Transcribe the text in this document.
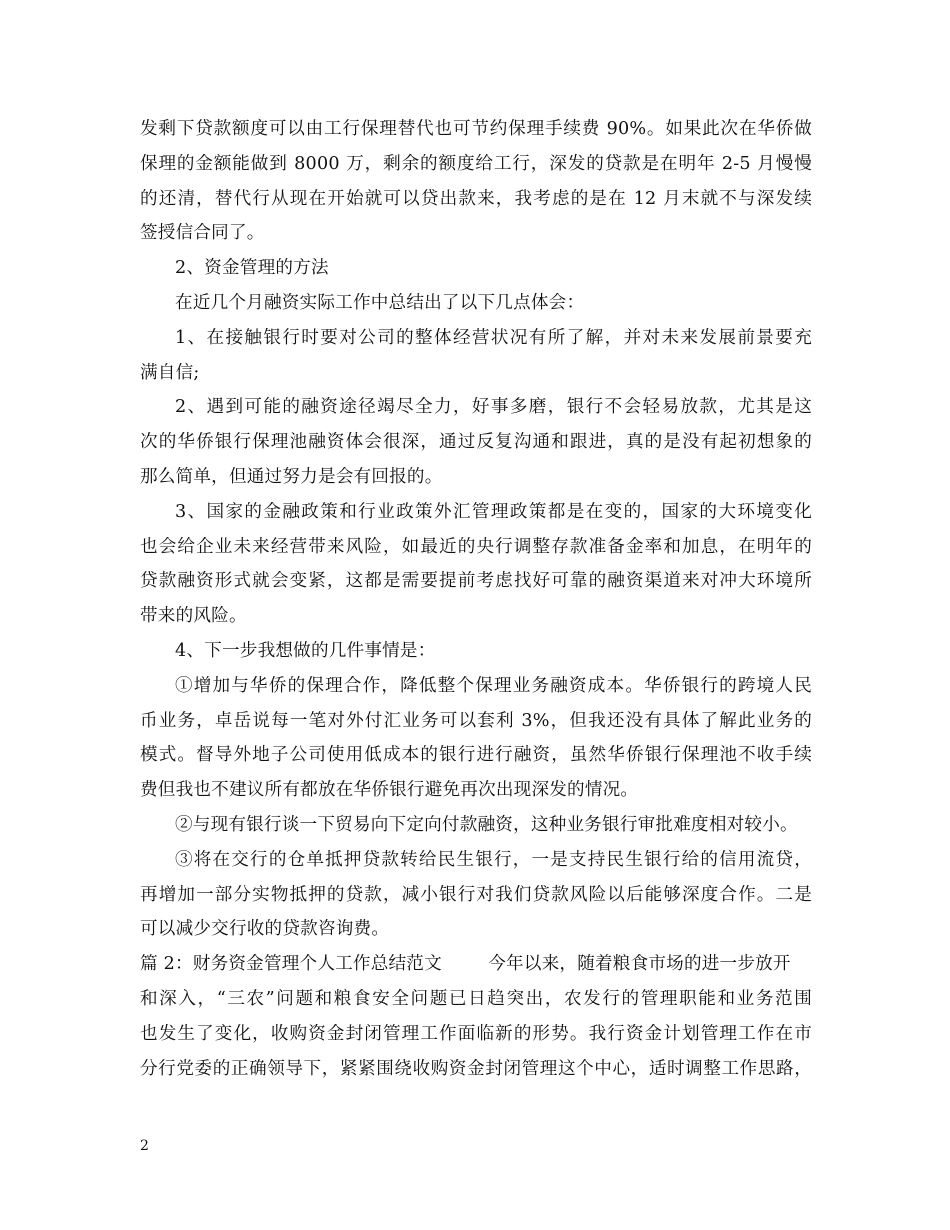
发剩下贷款额度可以由工行保理替代也可节约保理手续费 90%。如果此次在华侨做
保理的金额能做到 8000 万，剩余的额度给工行，深发的贷款是在明年 2-5 月慢慢
的还清，替代行从现在开始就可以贷出款来，我考虑的是在 12 月末就不与深发续
签授信合同了。
2、资金管理的方法
在近几个月融资实际工作中总结出了以下几点体会：
1、在接触银行时要对公司的整体经营状况有所了解，并对未来发展前景要充
满自信;
2、遇到可能的融资途径竭尽全力，好事多磨，银行不会轻易放款，尤其是这
次的华侨银行保理池融资体会很深，通过反复沟通和跟进，真的是没有起初想象的
那么简单，但通过努力是会有回报的。
3、国家的金融政策和行业政策外汇管理政策都是在变的，国家的大环境变化
也会给企业未来经营带来风险，如最近的央行调整存款准备金率和加息，在明年的
贷款融资形式就会变紧，这都是需要提前考虑找好可靠的融资渠道来对冲大环境所
带来的风险。
4、下一步我想做的几件事情是：
①增加与华侨的保理合作，降低整个保理业务融资成本。华侨银行的跨境人民
币业务，卓岳说每一笔对外付汇业务可以套利 3%，但我还没有具体了解此业务的
模式。督导外地子公司使用低成本的银行进行融资，虽然华侨银行保理池不收手续
费但我也不建议所有都放在华侨银行避免再次出现深发的情况。
②与现有银行谈一下贸易向下定向付款融资，这种业务银行审批难度相对较小。
③将在交行的仓单抵押贷款转给民生银行，一是支持民生银行给的信用流贷，
再增加一部分实物抵押的贷款，减小银行对我们贷款风险以后能够深度合作。二是
可以减少交行收的贷款咨询费。
篇 2：财务资金管理个人工作总结范文        今年以来，随着粮食市场的进一步放开
和深入，“三农”问题和粮食安全问题已日趋突出，农发行的管理职能和业务范围
也发生了变化，收购资金封闭管理工作面临新的形势。我行资金计划管理工作在市
分行党委的正确领导下，紧紧围绕收购资金封闭管理这个中心，适时调整工作思路，
2
